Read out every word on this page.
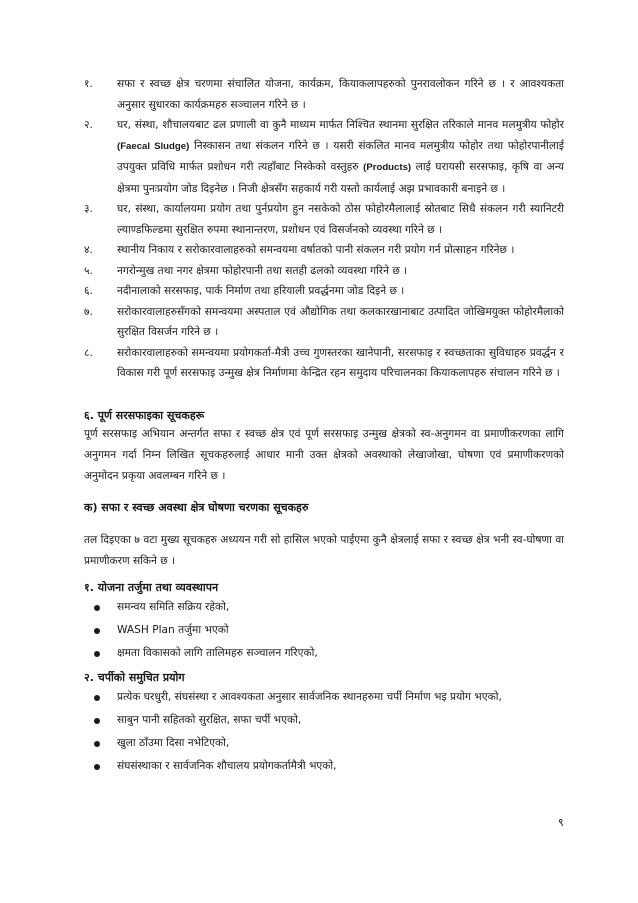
१. सफा र स्वच्छ क्षेत्र चरणमा संचालित योजना, कार्यक्रम, कियाकलापहरुको पुनरावलोकन गरिने छ । र आवश्यकता अनुसार सुधारका कार्यक्रमहरु सञ्चालन गरिने छ ।
२. घर, संस्था, शौचालयबाट ढल प्रणाली वा कुनै माध्यम मार्फत निश्चित स्थानमा सुरक्षित तरिकाले मानव मलमुत्रीय फोहोर (Faecal Sludge) निस्कासन तथा संकलन गरिने छ । यसरी संकलित मानव मलमुत्रीय फोहोर तथा फोहोरपानीलाई उपयुक्त प्रविधि मार्फत प्रशोधन गरी त्यहाँबाट निस्केको वस्तुहरु (Products) लाई घरायसी सरसफाइ, कृषि वा अन्य क्षेत्रमा पुनःप्रयोग जोड दिइनेछ । निजी क्षेत्रसँग सहकार्य गरी यस्तो कार्यलाई अझ प्रभावकारी बनाइने छ ।
३. घर, संस्था, कार्यालयमा प्रयोग तथा पुर्नप्रयोग हुन नसकेको ठोस फोहोरमैलालाई स्रोतबाट सिधै संकलन गरी स्यानिटरी ल्याण्डफिल्डमा सुरक्षित रुपमा स्थानान्तरण, प्रशोधन एवं विसर्जनको व्यवस्था गरिने छ ।
४. स्थानीय निकाय र सरोकारवालाहरुको समन्वयमा वर्षातको पानी संकलन गरी प्रयोग गर्न प्रोत्साहन गरिनेछ ।
५. नगरोन्मुख तथा नगर क्षेत्रमा फोहोरपानी तथा सतही ढलको व्यवस्था गरिने छ ।
६. नदीनालाको सरसफाइ, पार्क निर्माण तथा हरियाली प्रवर्द्धनमा जोड दिइने छ ।
७. सरोकारवालाहरुसँगको समन्वयमा अस्पताल एवं औद्योगिक तथा कलकारखानाबाट उत्पादित जोखिमयुक्त फोहोरमैलाको सुरक्षित विसर्जन गरिने छ ।
८. सरोकारवालाहरुको समन्वयमा प्रयोगकर्ता-मैत्री उच्च गुणस्तरका खानेपानी, सरसफाइ र स्वच्छताका सुविधाहरु प्रवर्द्धन र विकास गरी पूर्ण सरसफाइ उन्मुख क्षेत्र निर्माणमा केन्द्रित रहन समुदाय परिचालनका कियाकलापहरु संचालन गरिने छ ।
६. पूर्ण सरसफाइका सूचकहरू

पूर्ण सरसफाइ अभियान अन्तर्गत सफा र स्वच्छ क्षेत्र एवं पूर्ण सरसफाइ उन्मुख क्षेत्रको स्व-अनुगमन वा प्रमाणीकरणका लागि अनुगमन गर्दा निम्न लिखित सूचकहरुलाई आधार मानी उक्त क्षेत्रको अवस्थाको लेखाजोखा, घोषणा एवं प्रमाणीकरणको अनुमोदन प्रकृया अवलम्बन गरिने छ ।

क) सफा र स्वच्छ अवस्था क्षेत्र घोषणा चरणका सूचकहरु

तल दिइएका ७ वटा मुख्य सूचकहरु अध्ययन गरी सो हासिल भएको पाईएमा कुनै क्षेत्रलाई सफा र स्वच्छ क्षेत्र भनी स्व-घोषणा वा प्रमाणीकरण सकिने छ ।

१. योजना तर्जुमा तथा व्यवस्थापन
समन्वय समिति सक्रिय रहेको,
WASH Plan तर्जुमा भएको
क्षमता विकासको लागि तालिमहरु सञ्चालन गरिएको,
२. चर्पीको समुचित प्रयोग
प्रत्येक घरधुरी, संघसंस्था र आवश्यकता अनुसार सार्वजनिक स्थानहरुमा चर्पी निर्माण भइ प्रयोग भएको,
साबुन पानी सहितको सुरक्षित, सफा चर्पी भएको,
खुला ठाँउमा दिसा नभेटिएको,
संघसंस्थाका र सार्वजनिक शौचालय प्रयोगकर्तामैत्री भएको,
९
